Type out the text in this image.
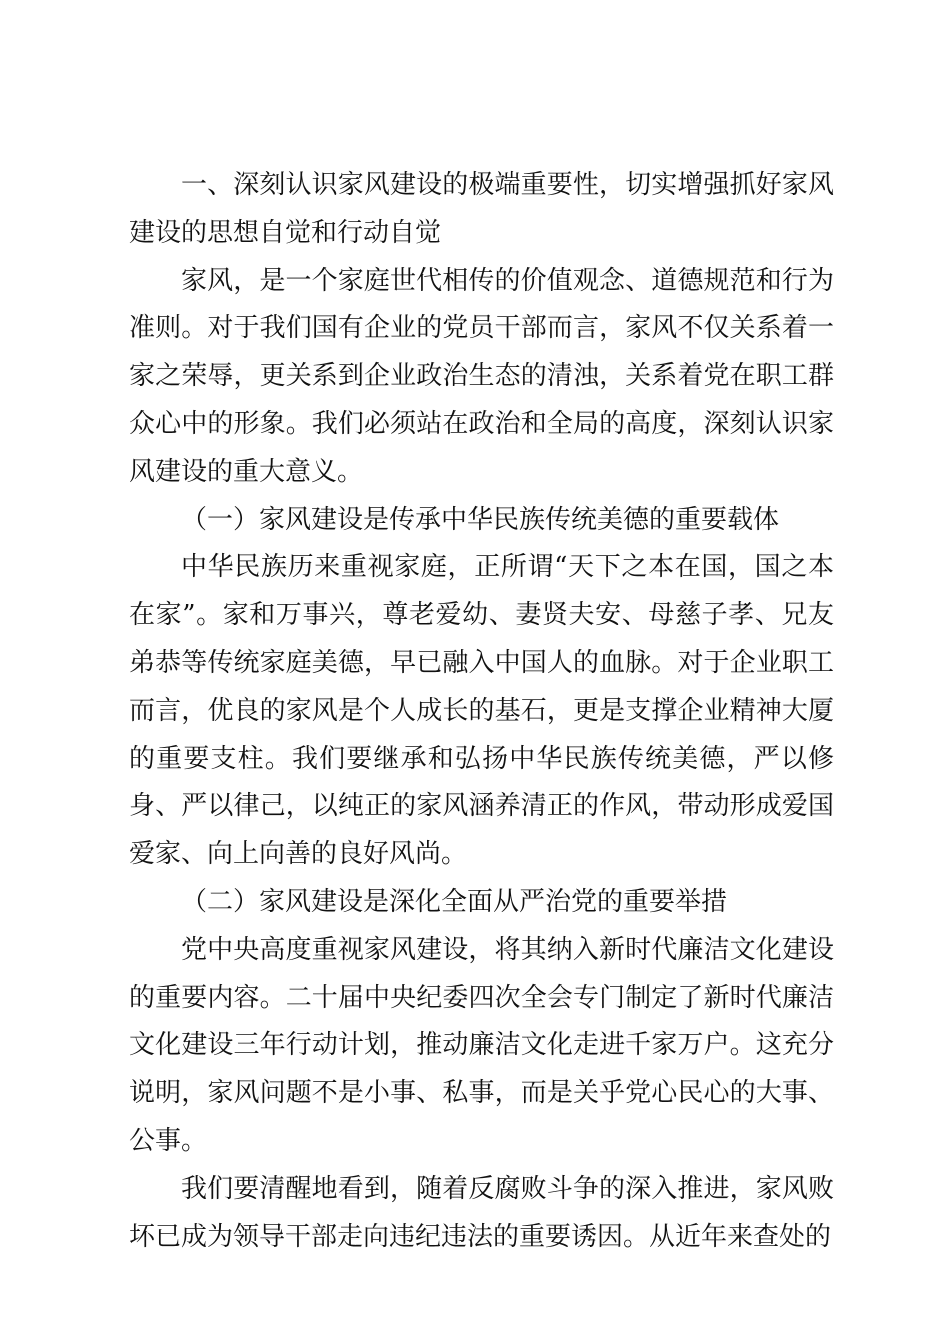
一、深刻认识家风建设的极端重要性，切实增强抓好家风建设的思想自觉和行动自觉

家风，是一个家庭世代相传的价值观念、道德规范和行为准则。对于我们国有企业的党员干部而言，家风不仅关系着一家之荣辱，更关系到企业政治生态的清浊，关系着党在职工群众心中的形象。我们必须站在政治和全局的高度，深刻认识家风建设的重大意义。

（一）家风建设是传承中华民族传统美德的重要载体

中华民族历来重视家庭，正所谓“天下之本在国，国之本在家”。家和万事兴，尊老爱幼、妻贤夫安、母慈子孝、兄友弟恭等传统家庭美德，早已融入中国人的血脉。对于企业职工而言，优良的家风是个人成长的基石，更是支撑企业精神大厦的重要支柱。我们要继承和弘扬中华民族传统美德，严以修身、严以律己，以纯正的家风涵养清正的作风，带动形成爱国爱家、向上向善的良好风尚。

（二）家风建设是深化全面从严治党的重要举措

党中央高度重视家风建设，将其纳入新时代廉洁文化建设的重要内容。二十届中央纪委四次全会专门制定了新时代廉洁文化建设三年行动计划，推动廉洁文化走进千家万户。这充分说明，家风问题不是小事、私事，而是关乎党心民心的大事、公事。

我们要清醒地看到，随着反腐败斗争的深入推进，家风败坏已成为领导干部走向违纪违法的重要诱因。从近年来查处的
